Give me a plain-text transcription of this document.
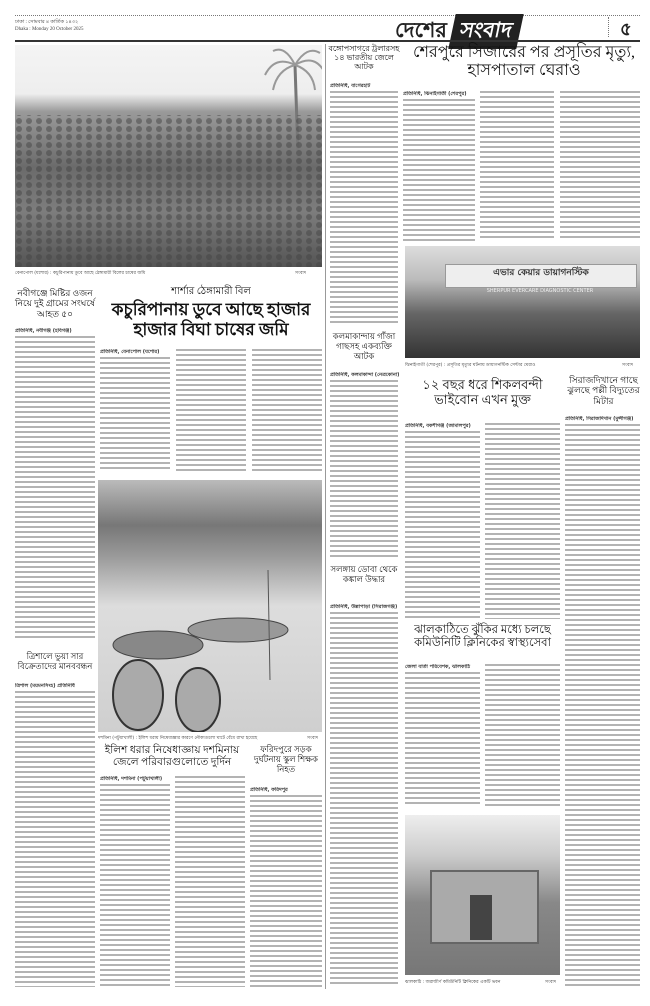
ঢাকা : সোমবার ৪ কার্তিক ১৪৩২
Dhaka : Monday 20 October 2025	দেশের সংবাদ	৫
বেনাপোল (যশোর) : কচুরিপানায় ডুবে আছে ঠেঙ্গামারী বিলের চাষের জমি	সংবাদ
বঙ্গোপসাগরে ট্রলারসহ ১৪ ভারতীয় জেলে আটক
প্রতিনিধি, বাগেরহাট
শেরপুরে সিজারের পর প্রসূতির মৃত্যু, হাসপাতাল ঘেরাও
প্রতিনিধি, ঝিনাইগাতী (শেরপুর)
এভার কেয়ার ডায়াগনস্টিক
SHERPUR EVERCARE DIAGNOSTIC CENTER
ঝিনাইগাতী (শেরপুর) : প্রসূতির মৃত্যুর ঘটনায় ডায়াগনস্টিক সেন্টার ঘেরাও	সংবাদ
কলমাকান্দায় গাঁজা গাছসহ একব্যক্তি আটক
প্রতিনিধি, কলমাকান্দা (নেত্রকোনা)
সলঙ্গায় ডোবা থেকে কঙ্কাল উদ্ধার
প্রতিনিধি, উল্লাপাড়া (সিরাজগঞ্জ)
১২ বছর ধরে শিকলবন্দী ভাইবোন এখন মুক্ত
প্রতিনিধি, বকশীগঞ্জ (জামালপুর)
সিরাজদিখানে গাছে ঝুলছে পল্লী বিদ্যুতের মিটার
প্রতিনিধি, সিরাজদিখান (মুন্সীগঞ্জ)
ঝালকাঠিতে ঝুঁকির মধ্যে চলছে কমিউনিটি ক্লিনিকের স্বাস্থ্যসেবা
জেলা বার্তা পরিবেশক, ঝালকাঠি
ঝালকাঠি : জরাজীর্ণ কমিউনিটি ক্লিনিকের একটি ভবন	সংবাদ
নবীগঞ্জে মিষ্টির ওজন নিয়ে দুই গ্রামের সংঘর্ষে আহত ৫০
প্রতিনিধি, নবীগঞ্জ (হবিগঞ্জ)
ত্রিশালে ভুয়া সার বিক্রেতাদের মানববন্ধন
ত্রিশাল (ময়মনসিংহ) প্রতিনিধি
শার্শার ঠেঙ্গামারী বিল
কচুরিপানায় ডুবে আছে হাজার হাজার বিঘা চাষের জমি
প্রতিনিধি, বেনাপোল (যশোর)
দশমিনা (পটুয়াখালী) : ইলিশ ধরায় নিষেধাজ্ঞার কারণে নৌকাগুলো ঘাটে বেঁধে রাখা হয়েছে	সংবাদ
ইলিশ ধরার নিষেধাজ্ঞায় দশমিনায় জেলে পরিবারগুলোতে দুর্দিন
প্রতিনিধি, দশমিনা (পটুয়াখালী)
ফরিদপুরে সড়ক দুর্ঘটনায় স্কুল শিক্ষক নিহত
প্রতিনিধি, ফরিদপুর
